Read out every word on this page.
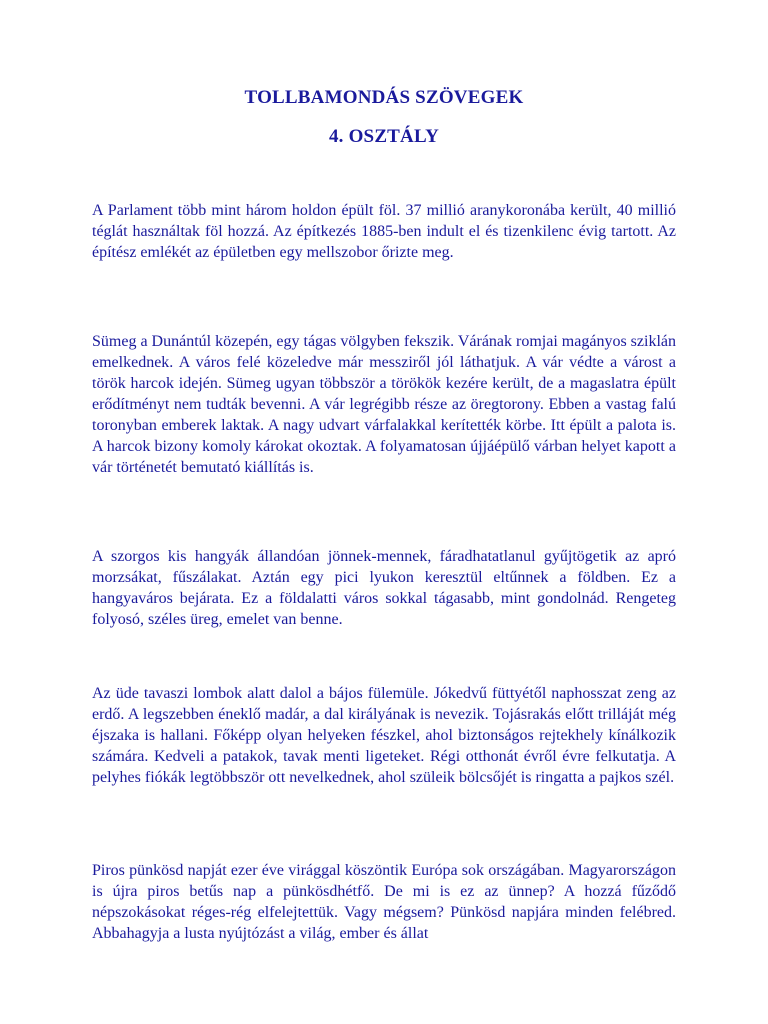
TOLLBAMONDÁS SZÖVEGEK
4. OSZTÁLY

A Parlament több mint három holdon épült föl. 37 millió aranykoronába került, 40 millió téglát használtak föl hozzá. Az építkezés 1885-ben indult el és tizenkilenc évig tartott. Az építész emlékét az épületben egy mellszobor őrizte meg.

Sümeg a Dunántúl közepén, egy tágas völgyben fekszik. Várának romjai magányos sziklán emelkednek. A város felé közeledve már messziről jól láthatjuk. A vár védte a várost a török harcok idején. Sümeg ugyan többször a törökök kezére került, de a magaslatra épült erődítményt nem tudták bevenni. A vár legrégibb része az öregtorony. Ebben a vastag falú toronyban emberek laktak. A nagy udvart várfalakkal kerítették körbe. Itt épült a palota is. A harcok bizony komoly károkat okoztak. A folyamatosan újjáépülő várban helyet kapott a vár történetét bemutató kiállítás is.

A szorgos kis hangyák állandóan jönnek-mennek, fáradhatatlanul gyűjtögetik az apró morzsákat, fűszálakat. Aztán egy pici lyukon keresztül eltűnnek a földben. Ez a hangyaváros bejárata. Ez a földalatti város sokkal tágasabb, mint gondolnád. Rengeteg folyosó, széles üreg, emelet van benne.

Az üde tavaszi lombok alatt dalol a bájos fülemüle. Jókedvű füttyétől naphosszat zeng az erdő. A legszebben éneklő madár, a dal királyának is nevezik. Tojásrakás előtt trilláját még éjszaka is hallani. Főképp olyan helyeken fészkel, ahol biztonságos rejtekhely kínálkozik számára. Kedveli a patakok, tavak menti ligeteket. Régi otthonát évről évre felkutatja. A pelyhes fiókák legtöbbször ott nevelkednek, ahol szüleik bölcsőjét is ringatta a pajkos szél.

Piros pünkösd napját ezer éve virággal köszöntik Európa sok országában. Magyarországon is újra piros betűs nap a pünkösdhétfő. De mi is ez az ünnep? A hozzá fűződő népszokásokat réges-rég elfelejtettük. Vagy mégsem? Pünkösd napjára minden felébred. Abbahagyja a lusta nyújtózást a világ, ember és állat
